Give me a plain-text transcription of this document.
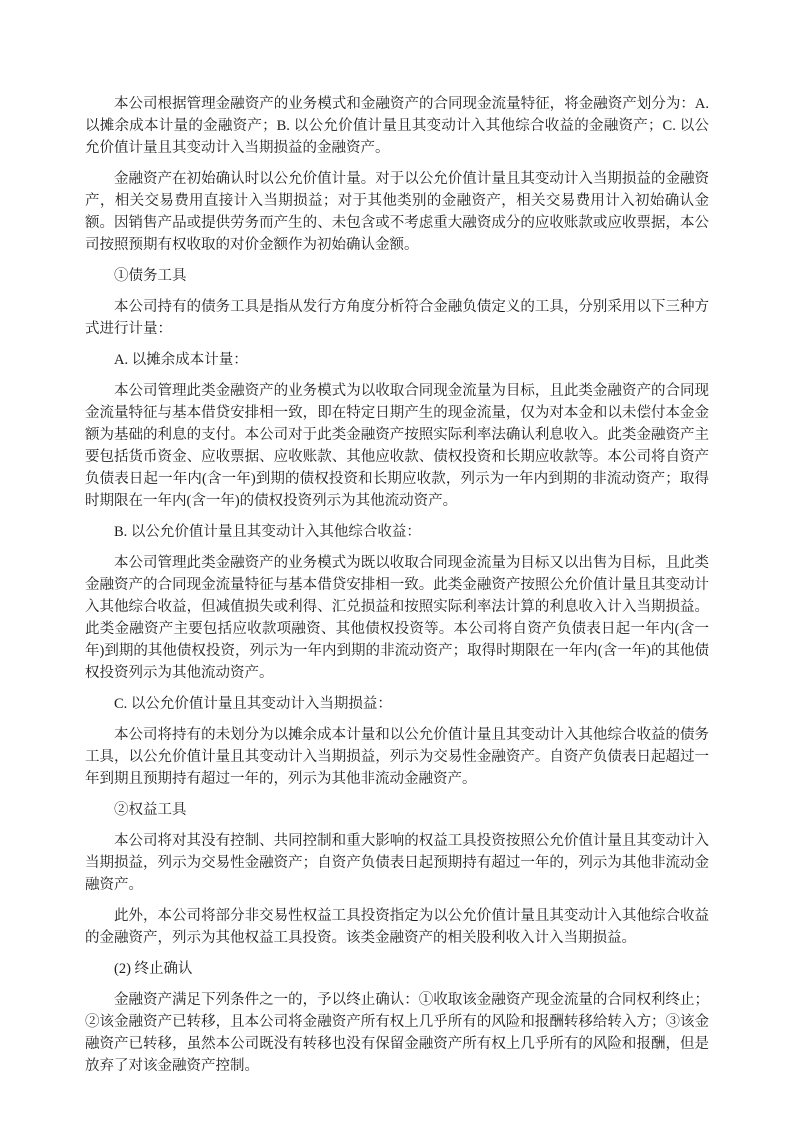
本公司根据管理金融资产的业务模式和金融资产的合同现金流量特征，将金融资产划分为：A. 以摊余成本计量的金融资产；B. 以公允价值计量且其变动计入其他综合收益的金融资产；C. 以公允价值计量且其变动计入当期损益的金融资产。

金融资产在初始确认时以公允价值计量。对于以公允价值计量且其变动计入当期损益的金融资产，相关交易费用直接计入当期损益；对于其他类别的金融资产，相关交易费用计入初始确认金额。因销售产品或提供劳务而产生的、未包含或不考虑重大融资成分的应收账款或应收票据，本公司按照预期有权收取的对价金额作为初始确认金额。

①债务工具

本公司持有的债务工具是指从发行方角度分析符合金融负债定义的工具，分别采用以下三种方式进行计量：

A. 以摊余成本计量：

本公司管理此类金融资产的业务模式为以收取合同现金流量为目标，且此类金融资产的合同现金流量特征与基本借贷安排相一致，即在特定日期产生的现金流量，仅为对本金和以未偿付本金金额为基础的利息的支付。本公司对于此类金融资产按照实际利率法确认利息收入。此类金融资产主要包括货币资金、应收票据、应收账款、其他应收款、债权投资和长期应收款等。本公司将自资产负债表日起一年内(含一年)到期的债权投资和长期应收款，列示为一年内到期的非流动资产；取得时期限在一年内(含一年)的债权投资列示为其他流动资产。

B. 以公允价值计量且其变动计入其他综合收益：

本公司管理此类金融资产的业务模式为既以收取合同现金流量为目标又以出售为目标，且此类金融资产的合同现金流量特征与基本借贷安排相一致。此类金融资产按照公允价值计量且其变动计入其他综合收益，但减值损失或利得、汇兑损益和按照实际利率法计算的利息收入计入当期损益。此类金融资产主要包括应收款项融资、其他债权投资等。本公司将自资产负债表日起一年内(含一年)到期的其他债权投资，列示为一年内到期的非流动资产；取得时期限在一年内(含一年)的其他债权投资列示为其他流动资产。

C. 以公允价值计量且其变动计入当期损益：

本公司将持有的未划分为以摊余成本计量和以公允价值计量且其变动计入其他综合收益的债务工具，以公允价值计量且其变动计入当期损益，列示为交易性金融资产。自资产负债表日起超过一年到期且预期持有超过一年的，列示为其他非流动金融资产。

②权益工具

本公司将对其没有控制、共同控制和重大影响的权益工具投资按照公允价值计量且其变动计入当期损益，列示为交易性金融资产；自资产负债表日起预期持有超过一年的，列示为其他非流动金融资产。

此外，本公司将部分非交易性权益工具投资指定为以公允价值计量且其变动计入其他综合收益的金融资产，列示为其他权益工具投资。该类金融资产的相关股利收入计入当期损益。

(2) 终止确认

金融资产满足下列条件之一的，予以终止确认：①收取该金融资产现金流量的合同权利终止；②该金融资产已转移，且本公司将金融资产所有权上几乎所有的风险和报酬转移给转入方；③该金融资产已转移，虽然本公司既没有转移也没有保留金融资产所有权上几乎所有的风险和报酬，但是放弃了对该金融资产控制。
